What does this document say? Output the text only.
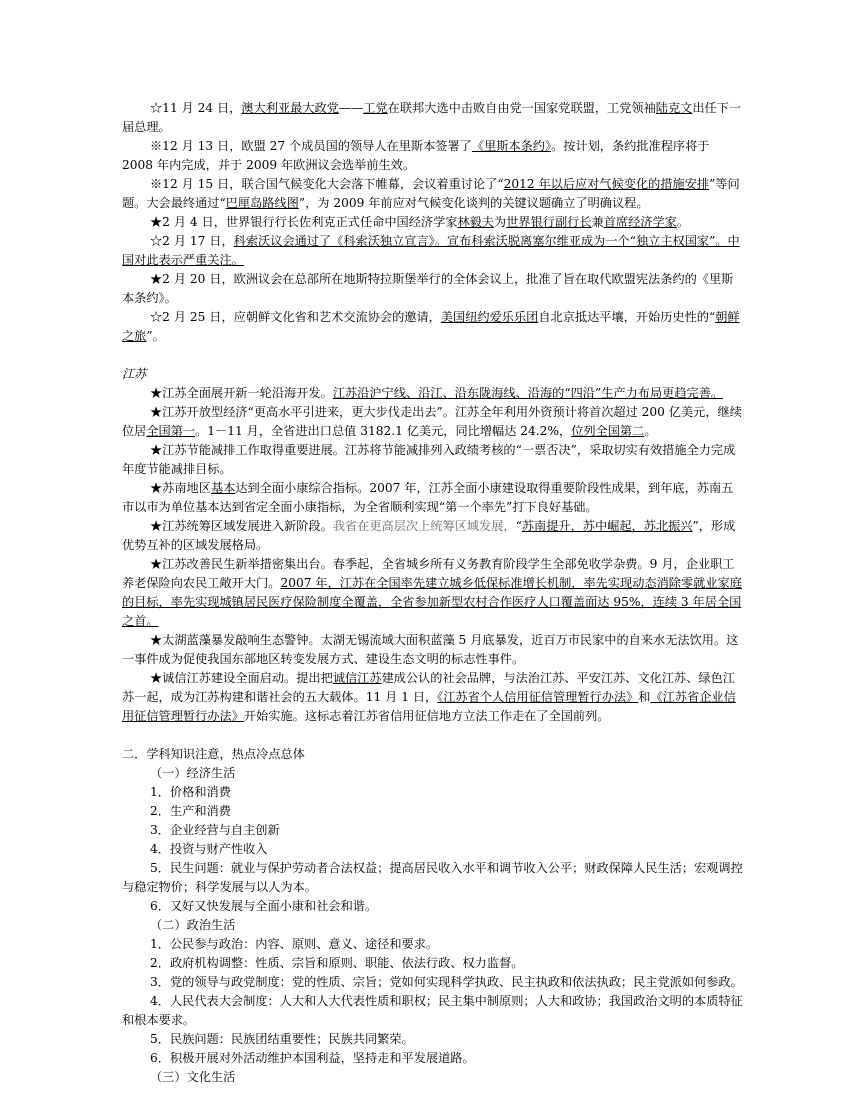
☆11 月 24 日，澳大利亚最大政党——工党在联邦大选中击败自由党一国家党联盟，工党领袖陆克文出任下一届总理。

※12 月 13 日，欧盟 27 个成员国的领导人在里斯本签署了《里斯本条约》。按计划，条约批准程序将于 2008 年内完成，并于 2009 年欧洲议会选举前生效。

※12 月 15 日，联合国气候变化大会落下帷幕，会议着重讨论了“2012 年以后应对气候变化的措施安排”等问题。大会最终通过“巴厘岛路线图”，为 2009 年前应对气候变化谈判的关键议题确立了明确议程。

★2 月 4 日，世界银行行长佐利克正式任命中国经济学家林毅夫为世界银行副行长兼首席经济学家。

☆2 月 17 日，科索沃议会通过了《科索沃独立宣言》。宣布科索沃脱离塞尔维亚成为一个“独立主权国家”。中国对此表示严重关注。

★2 月 20 日，欧洲议会在总部所在地斯特拉斯堡举行的全体会议上，批准了旨在取代欧盟宪法条约的《里斯本条约》。

☆2 月 25 日，应朝鲜文化省和艺术交流协会的邀请，美国纽约爱乐乐团自北京抵达平壤，开始历史性的“朝鲜之旅”。

江苏

★江苏全面展开新一轮沿海开发。江苏沿沪宁线、沿江、沿东陇海线、沿海的“四沿”生产力布局更趋完善。

★江苏开放型经济“更高水平引进来，更大步伐走出去”。江苏全年利用外资预计将首次超过 200 亿美元，继续位居全国第一。1－11 月，全省进出口总值 3182.1 亿美元，同比增幅达 24.2%，位列全国第二。

★江苏节能减排工作取得重要进展。江苏将节能减排列入政绩考核的“一票否决”，采取切实有效措施全力完成年度节能减排目标。

★苏南地区基本达到全面小康综合指标。2007 年，江苏全面小康建设取得重要阶段性成果，到年底，苏南五市以市为单位基本达到省定全面小康指标，为全省顺利实现“第一个率先”打下良好基础。

★江苏统筹区域发展进入新阶段。我省在更高层次上统筹区域发展，“苏南提升，苏中崛起，苏北振兴”，形成优势互补的区域发展格局。

★江苏改善民生新举措密集出台。春季起，全省城乡所有义务教育阶段学生全部免收学杂费。9 月，企业职工养老保险向农民工敞开大门。2007 年，江苏在全国率先建立城乡低保标准增长机制，率先实现动态消除零就业家庭的目标，率先实现城镇居民医疗保险制度全覆盖，全省参加新型农村合作医疗人口覆盖面达 95%，连续 3 年居全国之首。

★太湖蓝藻暴发敲响生态警钟。太湖无锡流域大面积蓝藻 5 月底暴发，近百万市民家中的自来水无法饮用。这一事件成为促使我国东部地区转变发展方式、建设生态文明的标志性事件。

★诚信江苏建设全面启动。提出把诚信江苏建成公认的社会品牌，与法治江苏、平安江苏、文化江苏、绿色江苏一起，成为江苏构建和谐社会的五大载体。11 月 1 日，《江苏省个人信用征信管理暂行办法》和《江苏省企业信用征信管理暂行办法》开始实施。这标志着江苏省信用征信地方立法工作走在了全国前列。

二．学科知识注意，热点冷点总体

（一）经济生活

1．价格和消费

2．生产和消费

3．企业经营与自主创新

4．投资与财产性收入

5．民生问题：就业与保护劳动者合法权益；提高居民收入水平和调节收入公平；财政保障人民生活；宏观调控与稳定物价；科学发展与以人为本。

6．又好又快发展与全面小康和社会和谐。

（二）政治生活

1．公民参与政治：内容、原则、意义、途径和要求。

2．政府机构调整：性质、宗旨和原则、职能、依法行政、权力监督。

3．党的领导与政党制度：党的性质、宗旨；党如何实现科学执政、民主执政和依法执政；民主党派如何参政。

4．人民代表大会制度：人大和人大代表性质和职权；民主集中制原则；人大和政协；我国政治文明的本质特征和根本要求。

5．民族问题：民族团结重要性；民族共同繁荣。

6．积极开展对外活动维护本国利益，坚持走和平发展道路。

（三）文化生活
